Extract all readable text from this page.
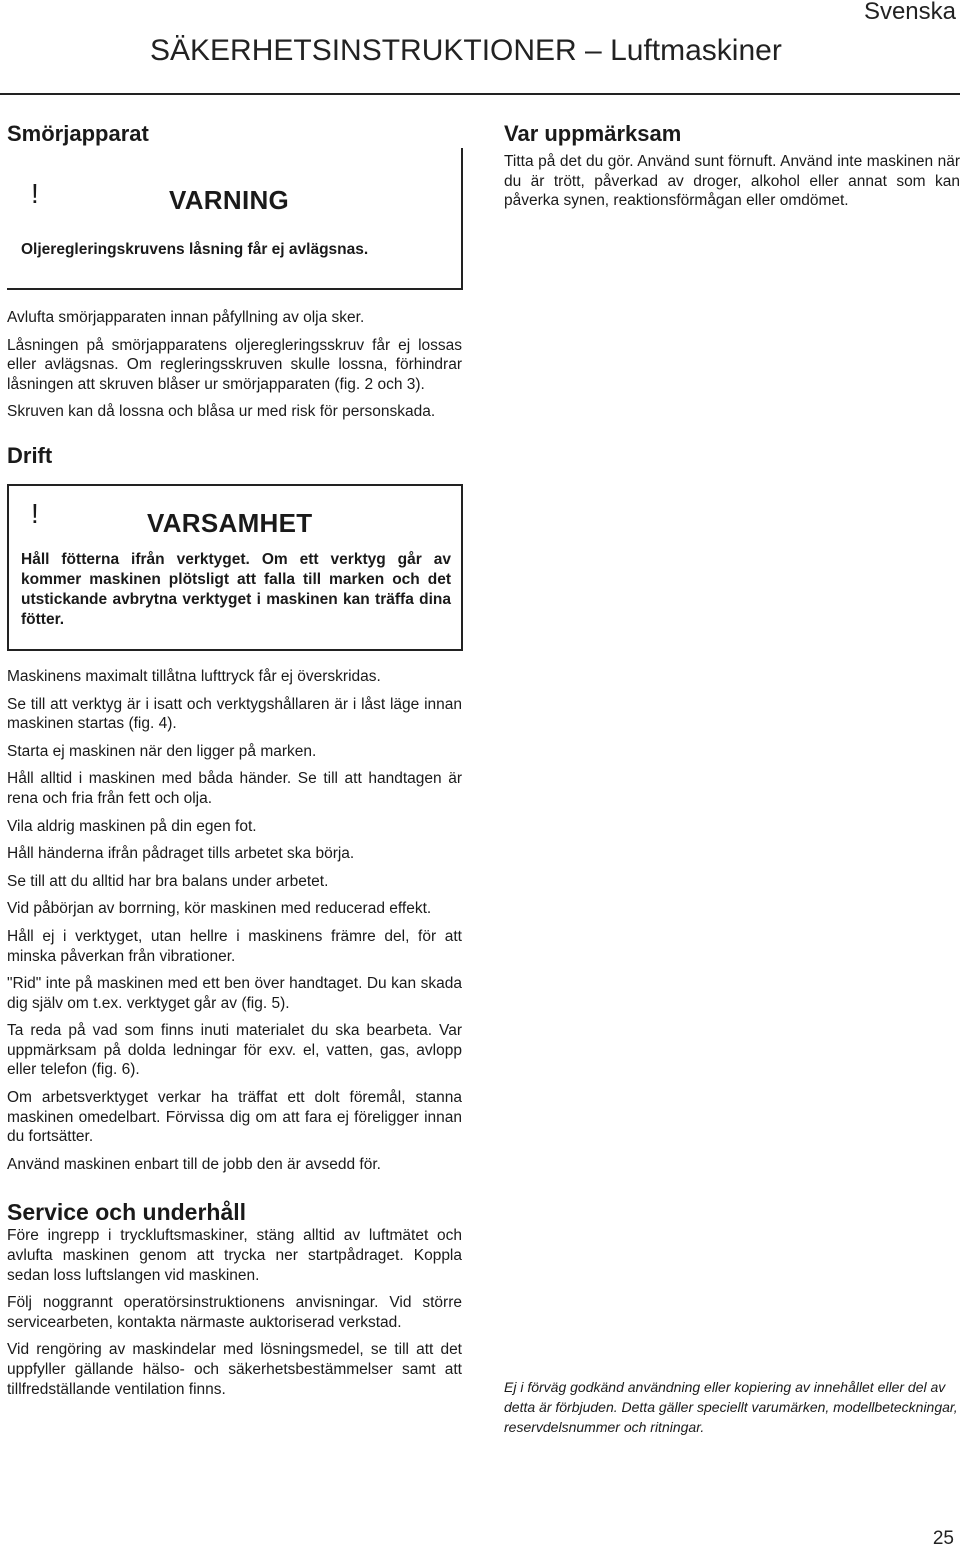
Svenska
SÄKERHETSINSTRUKTIONER – Luftmaskiner
Smörjapparat
!	VARNING
Oljeregleringskruvens låsning får ej avlägsnas.

Avlufta smörjapparaten innan påfyllning av olja sker.

Låsningen på smörjapparatens oljeregleringsskruv får ej lossas eller avlägsnas. Om regleringsskruven skulle lossna, förhindrar låsningen att skruven blåser ur smörjapparaten (fig. 2 och 3).

Skruven kan då lossna och blåsa ur med risk för personskada.

Drift
!	VARSAMHET
Håll fötterna ifrån verktyget. Om ett verktyg går av kommer maskinen plötsligt att falla till marken och det utstickande avbrytna verktyget i maskinen kan träffa dina fötter.

Maskinens maximalt tillåtna lufttryck får ej överskridas.

Se till att verktyg är i isatt och verktygshållaren är i låst läge innan maskinen startas (fig. 4).

Starta ej maskinen när den ligger på marken.

Håll alltid i maskinen med båda händer. Se till att handtagen är rena och fria från fett och olja.

Vila aldrig maskinen på din egen fot.

Håll händerna ifrån pådraget tills arbetet ska börja.

Se till att du alltid har bra balans under arbetet.

Vid påbörjan av borrning, kör maskinen med reducerad effekt.

Håll ej i verktyget, utan hellre i maskinens främre del, för att minska påverkan från vibrationer.

"Rid" inte på maskinen med ett ben över handtaget. Du kan skada dig själv om t.ex. verktyget går av (fig. 5).

Ta reda på vad som finns inuti materialet du ska bearbeta. Var uppmärksam på dolda ledningar för exv. el, vatten, gas, avlopp eller telefon (fig. 6).

Om arbetsverktyget verkar ha träffat ett dolt föremål, stanna maskinen omedelbart. Förvissa dig om att fara ej föreligger innan du fortsätter.

Använd maskinen enbart till de jobb den är avsedd för.

Service och underhåll

Före ingrepp i tryckluftsmaskiner, stäng alltid av luftmätet och avlufta maskinen genom att trycka ner startpådraget. Koppla sedan loss luftslangen vid maskinen.

Följ noggrannt operatörsinstruktionens anvisningar. Vid större servicearbeten, kontakta närmaste auktoriserad verkstad.

Vid rengöring av maskindelar med lösningsmedel, se till att det uppfyller gällande hälso- och säkerhetsbestämmelser samt att tillfredställande ventilation finns.

Var uppmärksam

Titta på det du gör. Använd sunt förnuft. Använd inte maskinen när du är trött, påverkad av droger, alkohol eller annat som kan påverka synen, reaktionsförmågan eller omdömet.

Ej i förväg godkänd användning eller kopiering av innehållet eller del av detta är förbjuden. Detta gäller speciellt varumärken, modellbeteckningar, reservdelsnummer och ritningar.
25
